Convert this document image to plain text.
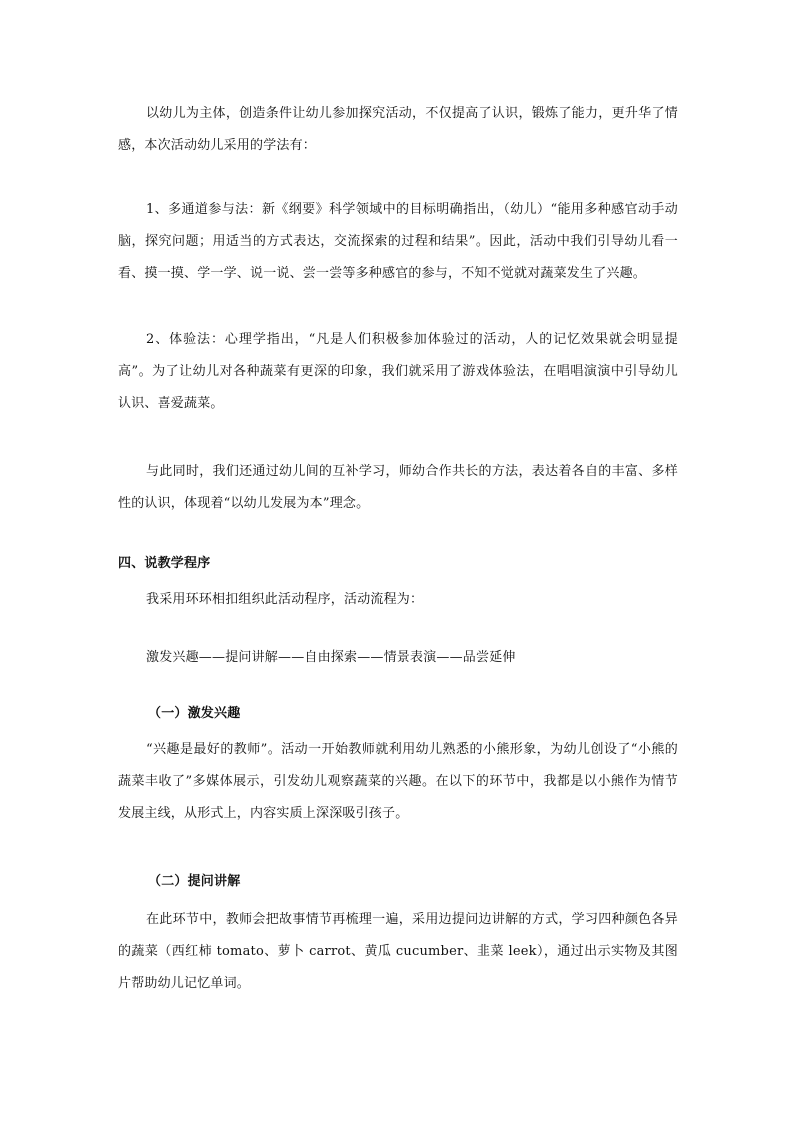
以幼儿为主体，创造条件让幼儿参加探究活动，不仅提高了认识，锻炼了能力，更升华了情感，本次活动幼儿采用的学法有：
1、多通道参与法：新《纲要》科学领域中的目标明确指出，（幼儿）“能用多种感官动手动脑，探究问题；用适当的方式表达，交流探索的过程和结果”。因此，活动中我们引导幼儿看一看、摸一摸、学一学、说一说、尝一尝等多种感官的参与，不知不觉就对蔬菜发生了兴趣。
2、体验法：心理学指出，“凡是人们积极参加体验过的活动，人的记忆效果就会明显提高”。为了让幼儿对各种蔬菜有更深的印象，我们就采用了游戏体验法，在唱唱演演中引导幼儿认识、喜爱蔬菜。
与此同时，我们还通过幼儿间的互补学习，师幼合作共长的方法，表达着各自的丰富、多样性的认识，体现着“以幼儿发展为本”理念。
四、说教学程序
我采用环环相扣组织此活动程序，活动流程为：
激发兴趣——提问讲解——自由探索——情景表演——品尝延伸
（一）激发兴趣
“兴趣是最好的教师”。活动一开始教师就利用幼儿熟悉的小熊形象，为幼儿创设了“小熊的蔬菜丰收了”多媒体展示，引发幼儿观察蔬菜的兴趣。在以下的环节中，我都是以小熊作为情节发展主线，从形式上，内容实质上深深吸引孩子。
（二）提问讲解
在此环节中，教师会把故事情节再梳理一遍，采用边提问边讲解的方式，学习四种颜色各异的蔬菜（西红柿 tomato、萝卜 carrot、黄瓜 cucumber、韭菜 leek），通过出示实物及其图片帮助幼儿记忆单词。
